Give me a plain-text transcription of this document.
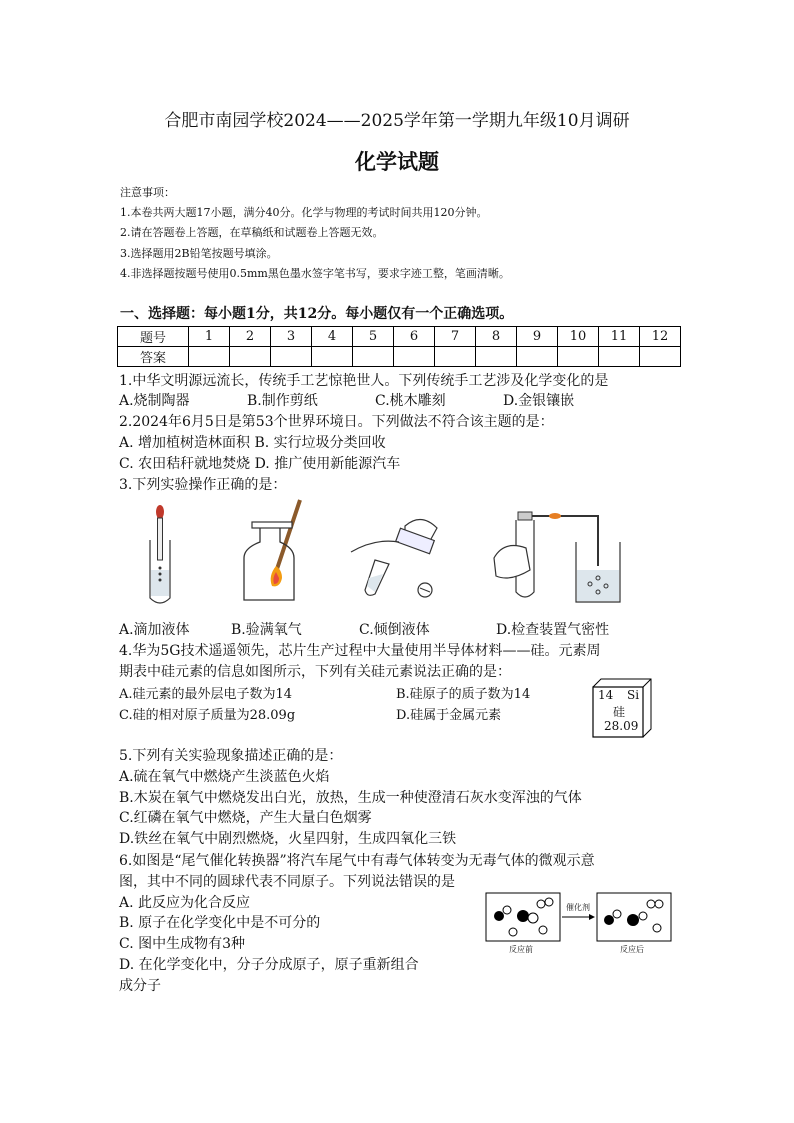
合肥市南园学校2024——2025学年第一学期九年级10月调研
化学试题
注意事项：
1.本卷共两大题17小题，满分40分。化学与物理的考试时间共用120分钟。
2.请在答题卷上答题，在草稿纸和试题卷上答题无效。
3.选择题用2B铅笔按题号填涂。
4.非选择题按题号使用0.5mm黑色墨水签字笔书写，要求字迹工整，笔画清晰。
一、选择题：每小题1分，共12分。每小题仅有一个正确选项。
题号	1	2	3	4	5	6	7	8	9	10	11	12
答案												
1.中华文明源远流长，传统手工艺惊艳世人。下列传统手工艺涉及化学变化的是
A.烧制陶器	B.制作剪纸	C.桃木雕刻	D.金银镶嵌
2.2024年6月5日是第53个世界环境日。下列做法不符合该主题的是：
A. 增加植树造林面积 B. 实行垃圾分类回收
C. 农田秸秆就地焚烧 D. 推广使用新能源汽车
3.下列实验操作正确的是：
A.滴加液体	B.验满氧气	C.倾倒液体	D.检查装置气密性
4.华为5G技术遥遥领先，芯片生产过程中大量使用半导体材料——硅。元素周
期表中硅元素的信息如图所示，下列有关硅元素说法正确的是：
A.硅元素的最外层电子数为14	B.硅原子的质子数为14
C.硅的相对原子质量为28.09g	D.硅属于金属元素
14 Si
硅
28.09
5.下列有关实验现象描述正确的是：
A.硫在氧气中燃烧产生淡蓝色火焰
B.木炭在氧气中燃烧发出白光，放热，生成一种使澄清石灰水变浑浊的气体
C.红磷在氧气中燃烧，产生大量白色烟雾
D.铁丝在氧气中剧烈燃烧，火星四射，生成四氧化三铁
6.如图是“尾气催化转换器”将汽车尾气中有毒气体转变为无毒气体的微观示意
图，其中不同的圆球代表不同原子。下列说法错误的是
A. 此反应为化合反应
B. 原子在化学变化中是不可分的
C. 图中生成物有3种
D. 在化学变化中，分子分成原子，原子重新组合
成分子
催化剂
反应前	反应后
